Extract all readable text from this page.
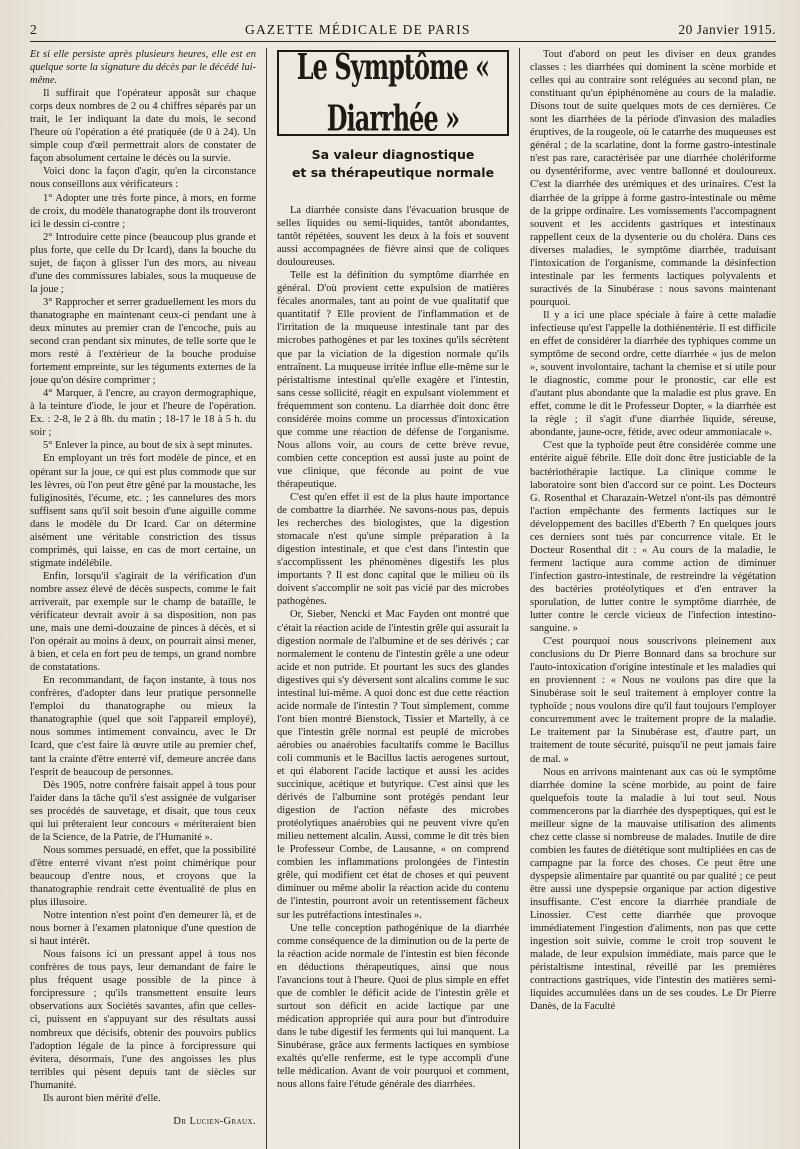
2	GAZETTE MÉDICALE DE PARIS	20 Janvier 1915.

Et si elle persiste après plusieurs heures, elle est en quelque sorte la signature du décès par le décédé lui-même.

Il suffirait que l'opérateur apposât sur chaque corps deux nombres de 2 ou 4 chiffres séparés par un trait, le 1er indiquant la date du mois, le second l'heure où l'opération a été pratiquée (de 0 à 24). Un simple coup d'œil permettrait alors de constater de façon absolument certaine le décès ou la survie.

Voici donc la façon d'agir, qu'en la circonstance nous conseillons aux vérificateurs :

1° Adopter une très forte pince, à mors, en forme de croix, du modèle thanatographe dont ils trouveront ici le dessin ci-contre ;

2° Introduire cette pince (beaucoup plus grande et plus forte, que celle du Dr Icard), dans la bouche du sujet, de façon à glisser l'un des mors, au niveau d'une des commissures labiales, sous la muqueuse de la joue ;

3° Rapprocher et serrer graduellement les mors du thanatographe en maintenant ceux-ci pendant une à deux minutes au premier cran de l'encoche, puis au second cran pendant six minutes, de telle sorte que le mors resté à l'extérieur de la bouche produise fortement empreinte, sur les téguments externes de la joue qu'on désire comprimer ;

4° Marquer, à l'encre, au crayon dermographique, à la teinture d'iode, le jour et l'heure de l'opération. Ex. : 2-8, le 2 à 8h. du matin ; 18-17 le 18 à 5 h. du soir ;

5° Enlever la pince, au bout de six à sept minutes.

En employant un très fort modèle de pince, et en opérant sur la joue, ce qui est plus commode que sur les lèvres, où l'on peut être gêné par la moustache, les fuliginosités, l'écume, etc. ; les cannelures des mors suffisent sans qu'il soit besoin d'une aiguille comme dans le modèle du Dr Icard. Car on détermine aisément une véritable constriction des tissus comprimés, qui laisse, en cas de mort certaine, un stigmate indélébile.

Enfin, lorsqu'il s'agirait de la vérification d'un nombre assez élevé de décès suspects, comme le fait arriverait, par exemple sur le champ de bataille, le vérificateur devrait avoir à sa disposition, non pas une, mais une demi-douzaine de pinces à décès, et si l'on opérait au moins à deux, on pourrait ainsi mener, à bien, et cela en fort peu de temps, un grand nombre de constatations.

En recommandant, de façon instante, à tous nos confrères, d'adopter dans leur pratique personnelle l'emploi du thanatographe ou mieux la thanatographie (quel que soit l'appareil employé), nous sommes intimement convaincu, avec le Dr Icard, que c'est faire là œuvre utile au premier chef, tant la crainte d'être enterré vif, demeure ancrée dans l'esprit de beaucoup de personnes.

Dès 1905, notre confrère faisait appel à tous pour l'aider dans la tâche qu'il s'est assignée de vulgariser ses procédés de sauvetage, et disait, que tous ceux qui lui prêteraient leur concours « mériteraient bien de la Science, de la Patrie, de l'Humanité ».

Nous sommes persuadé, en effet, que la possibilité d'être enterré vivant n'est point chimérique pour beaucoup d'entre nous, et croyons que la thanatographie rendrait cette éventualité de plus en plus illusoire.

Notre intention n'est point d'en demeurer là, et de nous borner à l'examen platonique d'une question de si haut intérêt.

Nous faisons ici un pressant appel à tous nos confrères de tous pays, leur demandant de faire le plus fréquent usage possible de la pince à forcipressure ; qu'ils transmettent ensuite leurs observations aux Sociétés savantes, afin que celles-ci, puissent en s'appuyant sur des résultats aussi nombreux que décisifs, obtenir des pouvoirs publics l'adoption légale de la pince à forcipressure qui évitera, désormais, l'une des angoisses les plus terribles qui pèsent depuis tant de siècles sur l'humanité.

Ils auront bien mérité d'elle.

Dr Lucien-Graux.

Le Symptôme « Diarrhée »
Sa valeur diagnostique
et sa thérapeutique normale

La diarrhée consiste dans l'évacuation brusque de selles liquides ou semi-liquides, tantôt abondantes, tantôt répétées, souvent les deux à la fois et souvent aussi accompagnées de fièvre ainsi que de coliques douloureuses.

Telle est la définition du symptôme diarrhée en général. D'où provient cette expulsion de matières fécales anormales, tant au point de vue qualitatif que quantitatif ? Elle provient de l'inflammation et de l'irritation de la muqueuse intestinale tant par des microbes pathogènes et par les toxines qu'ils sécrètent que par la viciation de la digestion normale qu'ils entraînent. La muqueuse irritée influe elle-même sur le péristaltisme intestinal qu'elle exagère et l'intestin, sans cesse sollicité, réagit en expulsant violemment et fréquemment son contenu. La diarrhée doit donc être considérée moins comme un processus d'intoxication que comme une réaction de défense de l'organisme. Nous allons voir, au cours de cette brève revue, combien cette conception est aussi juste au point de vue clinique, que féconde au point de vue thérapeutique.

C'est qu'en effet il est de la plus haute importance de combattre la diarrhée. Ne savons-nous pas, depuis les recherches des biologistes, que la digestion stomacale n'est qu'une simple préparation à la digestion intestinale, et que c'est dans l'intestin que s'accomplissent les phénomènes digestifs les plus importants ? Il est donc capital que le milieu où ils doivent s'accomplir ne soit pas vicié par des microbes pathogènes.

Or, Sieber, Nencki et Mac Fayden ont montré que c'était la réaction acide de l'intestin grêle qui assurait la digestion normale de l'albumine et de ses dérivés ; car normalement le contenu de l'intestin grêle a une odeur acide et non putride. Et pourtant les sucs des glandes digestives qui s'y déversent sont alcalins comme le suc intestinal lui-même. A quoi donc est due cette réaction acide normale de l'intestin ? Tout simplement, comme l'ont bien montré Bienstock, Tissier et Martelly, à ce que l'intestin grêle normal est peuplé de microbes aérobies ou anaérobies facultatifs comme le Bacillus coli communis et le Bacillus lactis aerogenes surtout, et qui élaborent l'acide lactique et aussi les acides succinique, acétique et butyrique. C'est ainsi que les dérivés de l'albumine sont protégés pendant leur digestion de l'action néfaste des microbes protéolytiques anaérobies qui ne peuvent vivre qu'en milieu nettement alcalin. Aussi, comme le dit très bien le Professeur Combe, de Lausanne, « on comprend combien les inflammations prolongées de l'intestin grêle, qui modifient cet état de choses et qui peuvent diminuer ou même abolir la réaction acide du contenu de l'intestin, pourront avoir un retentissement fâcheux sur les putréfactions intestinales ».

Une telle conception pathogénique de la diarrhée comme conséquence de la diminution ou de la perte de la réaction acide normale de l'intestin est bien féconde en déductions thérapeutiques, ainsi que nous l'avancions tout à l'heure. Quoi de plus simple en effet que de combler le déficit acide de l'intestin grêle et surtout son déficit en acide lactique par une médication appropriée qui aura pour but d'introduire dans le tube digestif les ferments qui lui manquent. La Sinubérase, grâce aux ferments lactiques en symbiose exaltés qu'elle renferme, est le type accompli d'une telle médication. Avant de voir pourquoi et comment, nous allons faire l'étude générale des diarrhées.

Tout d'abord on peut les diviser en deux grandes classes : les diarrhées qui dominent la scène morbide et celles qui au contraire sont reléguées au second plan, ne constituant qu'un épiphénomène au cours de la maladie. Disons tout de suite quelques mots de ces dernières. Ce sont les diarrhées de la période d'invasion des maladies éruptives, de la rougeole, où le catarrhe des muqueuses est général ; de la scarlatine, dont la forme gastro-intestinale n'est pas rare, caractérisée par une diarrhée cholériforme ou dysentériforme, avec ventre ballonné et douloureux. C'est la diarrhée des urémiques et des urinaires. C'est la diarrhée de la grippe à forme gastro-intestinale ou même de la grippe ordinaire. Les vomissements l'accompagnent souvent et les accidents gastriques et intestinaux rappellent ceux de la dysenterie ou du choléra. Dans ces diverses maladies, le symptôme diarrhée, traduisant l'intoxication de l'organisme, commande la désinfection intestinale par les ferments lactiques polyvalents et suractivés de la Sinubérase : nous savons maintenant pourquoi.

Il y a ici une place spéciale à faire à cette maladie infectieuse qu'est l'appelle la dothiénentérie. Il est difficile en effet de considérer la diarrhée des typhiques comme un symptôme de second ordre, cette diarrhée « jus de melon », souvent involontaire, tachant la chemise et si utile pour le diagnostic, comme pour le pronostic, car elle est d'autant plus abondante que la maladie est plus grave. En effet, comme le dit le Professeur Dopter, « la diarrhée est la règle ; il s'agit d'une diarrhée liquide, séreuse, abondante, jaune-ocre, fétide, avec odeur ammoniacale ».

C'est que la typhoïde peut être considérée comme une entérite aiguë fébrile. Elle doit donc être justiciable de la bactériothérapie lactique. La clinique comme le laboratoire sont bien d'accord sur ce point. Les Docteurs G. Rosenthal et Charazain-Wetzel n'ont-ils pas démontré l'action empêchante des ferments lactiques sur le développement des bacilles d'Eberth ? En quelques jours ces derniers sont tués par concurrence vitale. Et le Docteur Rosenthal dit : « Au cours de la maladie, le ferment lactique aura comme action de diminuer l'infection gastro-intestinale, de restreindre la végétation des bactéries protéolytiques et d'en entraver la sporulation, de lutter contre le symptôme diarrhée, de lutter contre le cercle vicieux de l'infection intestino-sanguine. »

C'est pourquoi nous souscrivons pleinement aux conclusions du Dr Pierre Bonnard dans sa brochure sur l'auto-intoxication d'origine intestinale et les maladies qui en proviennent : « Nous ne voulons pas dire que la Sinubérase soit le seul traitement à employer contre la typhoïde ; nous voulons dire qu'il faut toujours l'employer concurremment avec le traitement propre de la maladie. Le traitement par la Sinubérase est, d'autre part, un traitement de toute sécurité, puisqu'il ne peut jamais faire de mal. »

Nous en arrivons maintenant aux cas où le symptôme diarrhée domine la scène morbide, au point de faire quelquefois toute la maladie à lui tout seul. Nous commencerons par la diarrhée des dyspeptiques, qui est le meilleur signe de la mauvaise utilisation des aliments chez cette classe si nombreuse de malades. Inutile de dire combien les fautes de diététique sont multipliées en cas de campagne par la force des choses. Ce peut être une dyspepsie alimentaire par quantité ou par qualité ; ce peut être aussi une dyspepsie organique par action digestive insuffisante. C'est encore la diarrhée prandiale de Linossier. C'est cette diarrhée que provoque immédiatement l'ingestion d'aliments, non pas que cette ingestion soit suivie, comme le croit trop souvent le malade, de leur expulsion immédiate, mais parce que le péristaltisme intestinal, réveillé par les premières contractions gastriques, vide l'intestin des matières semi-liquides accumulées dans un de ses coudes. Le Dr Pierre Danès, de la Faculté
